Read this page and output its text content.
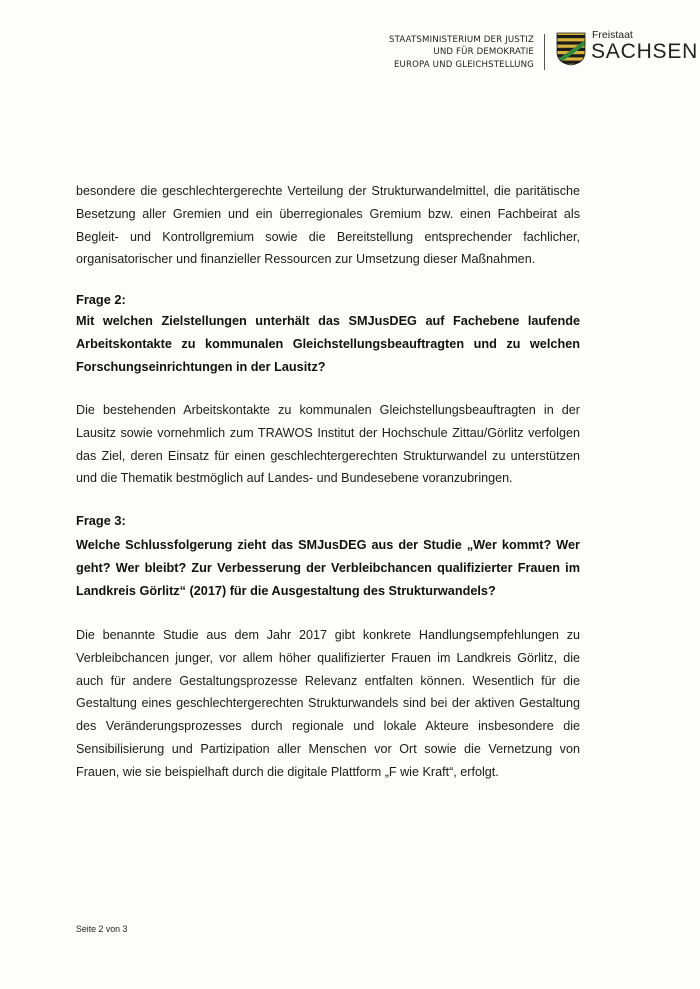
STAATSMINISTERIUM DER JUSTIZ
UND FÜR DEMOKRATIE
EUROPA UND GLEICHSTELLUNG
Freistaat
SACHSEN
besondere die geschlechtergerechte Verteilung der Strukturwandelmittel, die paritätische Besetzung aller Gremien und ein überregionales Gremium bzw. einen Fachbeirat als Begleit- und Kontrollgremium sowie die Bereitstellung entsprechender fachlicher, organisatorischer und finanzieller Ressourcen zur Umsetzung dieser Maßnahmen.
Frage 2:
Mit welchen Zielstellungen unterhält das SMJusDEG auf Fachebene laufende Arbeitskontakte zu kommunalen Gleichstellungsbeauftragten und zu welchen Forschungseinrichtungen in der Lausitz?
Die bestehenden Arbeitskontakte zu kommunalen Gleichstellungsbeauftragten in der Lausitz sowie vornehmlich zum TRAWOS Institut der Hochschule Zittau/Görlitz verfolgen das Ziel, deren Einsatz für einen geschlechtergerechten Strukturwandel zu unterstützen und die Thematik bestmöglich auf Landes- und Bundesebene voranzubringen.
Frage 3:
Welche Schlussfolgerung zieht das SMJusDEG aus der Studie „Wer kommt? Wer geht? Wer bleibt? Zur Verbesserung der Verbleibchancen qualifizierter Frauen im Landkreis Görlitz“ (2017) für die Ausgestaltung des Strukturwandels?
Die benannte Studie aus dem Jahr 2017 gibt konkrete Handlungsempfehlungen zu Verbleibchancen junger, vor allem höher qualifizierter Frauen im Landkreis Görlitz, die auch für andere Gestaltungsprozesse Relevanz entfalten können. Wesentlich für die Gestaltung eines geschlechtergerechten Strukturwandels sind bei der aktiven Gestaltung des Veränderungsprozesses durch regionale und lokale Akteure insbesondere die Sensibilisierung und Partizipation aller Menschen vor Ort sowie die Vernetzung von Frauen, wie sie beispielhaft durch die digitale Plattform „F wie Kraft“, erfolgt.
Seite 2 von 3
